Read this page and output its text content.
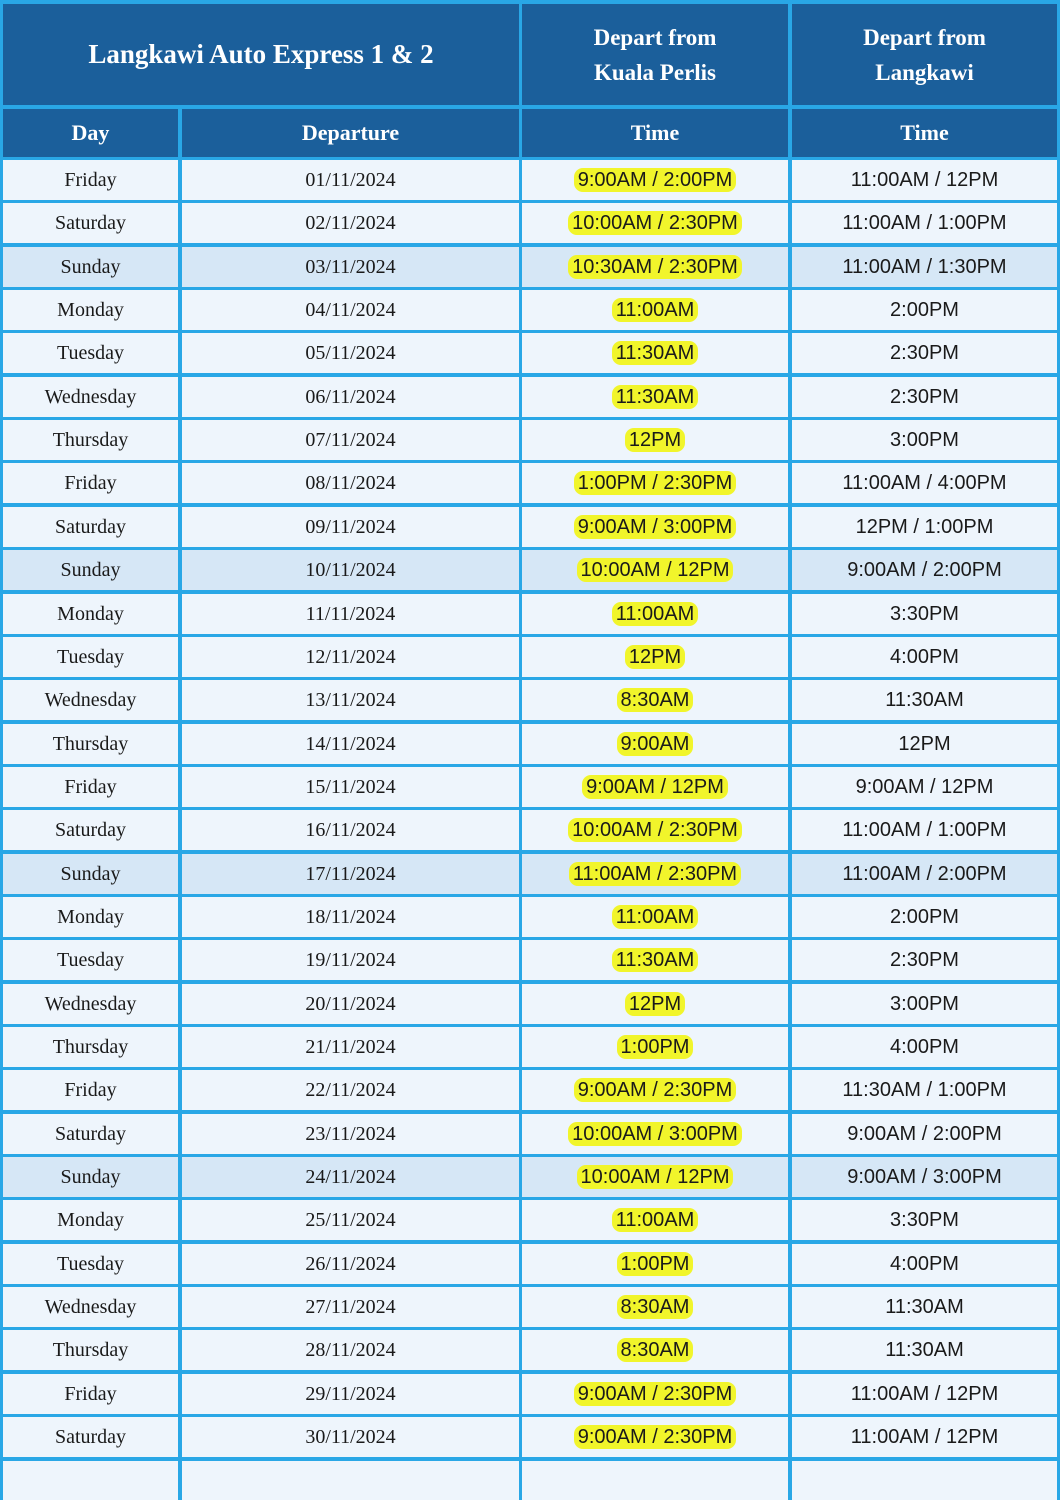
Langkawi Auto Express 1 & 2
Depart from
Kuala Perlis
Depart from
Langkawi
Day	Departure	Time	Time
Friday	01/11/2024	9:00AM / 2:00PM	11:00AM / 12PM
Saturday	02/11/2024	10:00AM / 2:30PM	11:00AM / 1:00PM
Sunday	03/11/2024	10:30AM / 2:30PM	11:00AM / 1:30PM
Monday	04/11/2024	11:00AM	2:00PM
Tuesday	05/11/2024	11:30AM	2:30PM
Wednesday	06/11/2024	11:30AM	2:30PM
Thursday	07/11/2024	12PM	3:00PM
Friday	08/11/2024	1:00PM / 2:30PM	11:00AM / 4:00PM
Saturday	09/11/2024	9:00AM / 3:00PM	12PM / 1:00PM
Sunday	10/11/2024	10:00AM / 12PM	9:00AM / 2:00PM
Monday	11/11/2024	11:00AM	3:30PM
Tuesday	12/11/2024	12PM	4:00PM
Wednesday	13/11/2024	8:30AM	11:30AM
Thursday	14/11/2024	9:00AM	12PM
Friday	15/11/2024	9:00AM / 12PM	9:00AM / 12PM
Saturday	16/11/2024	10:00AM / 2:30PM	11:00AM / 1:00PM
Sunday	17/11/2024	11:00AM / 2:30PM	11:00AM / 2:00PM
Monday	18/11/2024	11:00AM	2:00PM
Tuesday	19/11/2024	11:30AM	2:30PM
Wednesday	20/11/2024	12PM	3:00PM
Thursday	21/11/2024	1:00PM	4:00PM
Friday	22/11/2024	9:00AM / 2:30PM	11:30AM / 1:00PM
Saturday	23/11/2024	10:00AM / 3:00PM	9:00AM / 2:00PM
Sunday	24/11/2024	10:00AM / 12PM	9:00AM / 3:00PM
Monday	25/11/2024	11:00AM	3:30PM
Tuesday	26/11/2024	1:00PM	4:00PM
Wednesday	27/11/2024	8:30AM	11:30AM
Thursday	28/11/2024	8:30AM	11:30AM
Friday	29/11/2024	9:00AM / 2:30PM	11:00AM / 12PM
Saturday	30/11/2024	9:00AM / 2:30PM	11:00AM / 12PM
